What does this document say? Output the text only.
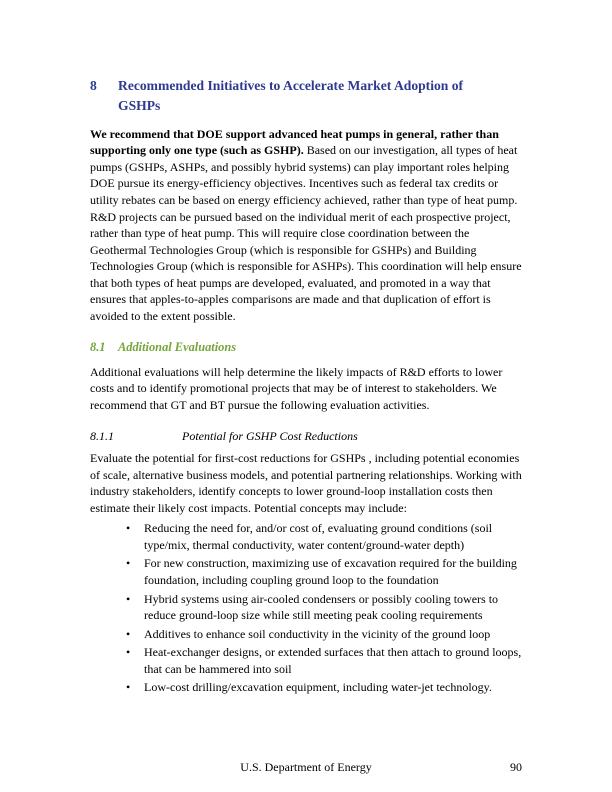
8	Recommended Initiatives to Accelerate Market Adoption of
GSHPs

We recommend that DOE support advanced heat pumps in general, rather than supporting only one type (such as GSHP). Based on our investigation, all types of heat pumps (GSHPs, ASHPs, and possibly hybrid systems) can play important roles helping DOE pursue its energy-efficiency objectives. Incentives such as federal tax credits or utility rebates can be based on energy efficiency achieved, rather than type of heat pump. R&D projects can be pursued based on the individual merit of each prospective project, rather than type of heat pump. This will require close coordination between the Geothermal Technologies Group (which is responsible for GSHPs) and Building Technologies Group (which is responsible for ASHPs). This coordination will help ensure that both types of heat pumps are developed, evaluated, and promoted in a way that ensures that apples-to-apples comparisons are made and that duplication of effort is avoided to the extent possible.

8.1	Additional Evaluations

Additional evaluations will help determine the likely impacts of R&D efforts to lower costs and to identify promotional projects that may be of interest to stakeholders. We recommend that GT and BT pursue the following evaluation activities.

8.1.1	Potential for GSHP Cost Reductions

Evaluate the potential for first-cost reductions for GSHPs , including potential economies of scale, alternative business models, and potential partnering relationships. Working with industry stakeholders, identify concepts to lower ground-loop installation costs then estimate their likely cost impacts. Potential concepts may include:

•	Reducing the need for, and/or cost of, evaluating ground conditions (soil type/mix, thermal conductivity, water content/ground-water depth)
•	For new construction, maximizing use of excavation required for the building foundation, including coupling ground loop to the foundation
•	Hybrid systems using air-cooled condensers or possibly cooling towers to reduce ground-loop size while still meeting peak cooling requirements
•	Additives to enhance soil conductivity in the vicinity of the ground loop
•	Heat-exchanger designs, or extended surfaces that then attach to ground loops, that can be hammered into soil
•	Low-cost drilling/excavation equipment, including water-jet technology.
U.S. Department of Energy	90
